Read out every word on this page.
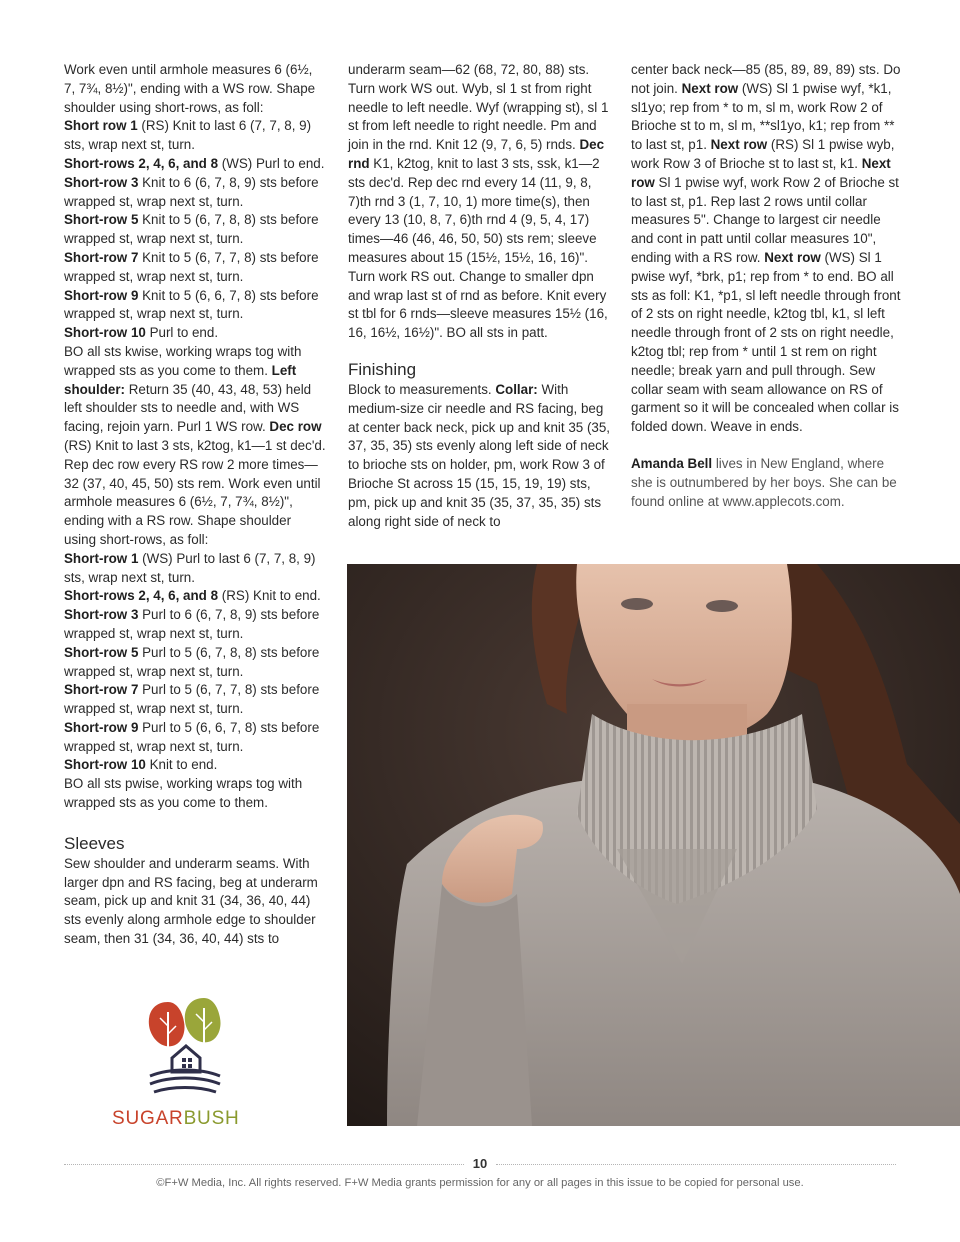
Work even until armhole measures 6 (6½, 7, 7¾, 8½)", ending with a WS row. Shape shoulder using short-rows, as foll:

Short row 1 (RS) Knit to last 6 (7, 7, 8, 9) sts, wrap next st, turn.

Short-rows 2, 4, 6, and 8 (WS) Purl to end.

Short-row 3 Knit to 6 (6, 7, 8, 9) sts before wrapped st, wrap next st, turn.

Short-row 5 Knit to 5 (6, 7, 8, 8) sts before wrapped st, wrap next st, turn.

Short-row 7 Knit to 5 (6, 7, 7, 8) sts before wrapped st, wrap next st, turn.

Short-row 9 Knit to 5 (6, 6, 7, 8) sts before wrapped st, wrap next st, turn.

Short-row 10 Purl to end.

BO all sts kwise, working wraps tog with wrapped sts as you come to them. Left shoulder: Return 35 (40, 43, 48, 53) held left shoulder sts to needle and, with WS facing, rejoin yarn. Purl 1 WS row. Dec row (RS) Knit to last 3 sts, k2tog, k1—1 st dec'd. Rep dec row every RS row 2 more times—32 (37, 40, 45, 50) sts rem. Work even until armhole measures 6 (6½, 7, 7¾, 8½)", ending with a RS row. Shape shoulder using short-rows, as foll:

Short-row 1 (WS) Purl to last 6 (7, 7, 8, 9) sts, wrap next st, turn.

Short-rows 2, 4, 6, and 8 (RS) Knit to end.

Short-row 3 Purl to 6 (6, 7, 8, 9) sts before wrapped st, wrap next st, turn.

Short-row 5 Purl to 5 (6, 7, 8, 8) sts before wrapped st, wrap next st, turn.

Short-row 7 Purl to 5 (6, 7, 7, 8) sts before wrapped st, wrap next st, turn.

Short-row 9 Purl to 5 (6, 6, 7, 8) sts before wrapped st, wrap next st, turn.

Short-row 10 Knit to end.

BO all sts pwise, working wraps tog with wrapped sts as you come to them.

Sleeves

Sew shoulder and underarm seams. With larger dpn and RS facing, beg at underarm seam, pick up and knit 31 (34, 36, 40, 44) sts evenly along armhole edge to shoulder seam, then 31 (34, 36, 40, 44) sts to

underarm seam—62 (68, 72, 80, 88) sts. Turn work WS out. Wyb, sl 1 st from right needle to left needle. Wyf (wrapping st), sl 1 st from left needle to right needle. Pm and join in the rnd. Knit 12 (9, 7, 6, 5) rnds. Dec rnd K1, k2tog, knit to last 3 sts, ssk, k1—2 sts dec'd. Rep dec rnd every 14 (11, 9, 8, 7)th rnd 3 (1, 7, 10, 1) more time(s), then every 13 (10, 8, 7, 6)th rnd 4 (9, 5, 4, 17) times—46 (46, 46, 50, 50) sts rem; sleeve measures about 15 (15½, 15½, 16, 16)". Turn work RS out. Change to smaller dpn and wrap last st of rnd as before. Knit every st tbl for 6 rnds—sleeve measures 15½ (16, 16, 16½, 16½)". BO all sts in patt.

Finishing

Block to measurements. Collar: With medium-size cir needle and RS facing, beg at center back neck, pick up and knit 35 (35, 37, 35, 35) sts evenly along left side of neck to brioche sts on holder, pm, work Row 3 of Brioche St across 15 (15, 15, 19, 19) sts, pm, pick up and knit 35 (35, 37, 35, 35) sts along right side of neck to

center back neck—85 (85, 89, 89, 89) sts. Do not join. Next row (WS) Sl 1 pwise wyf, *k1, sl1yo; rep from * to m, sl m, work Row 2 of Brioche st to m, sl m, **sl1yo, k1; rep from ** to last st, p1. Next row (RS) Sl 1 pwise wyb, work Row 3 of Brioche st to last st, k1. Next row Sl 1 pwise wyf, work Row 2 of Brioche st to last st, p1. Rep last 2 rows until collar measures 5". Change to largest cir needle and cont in patt until collar measures 10", ending with a RS row. Next row (WS) Sl 1 pwise wyf, *brk, p1; rep from * to end. BO all sts as foll: K1, *p1, sl left needle through front of 2 sts on right needle, k2tog tbl, k1, sl left needle through front of 2 sts on right needle, k2tog tbl; rep from * until 1 st rem on right needle; break yarn and pull through. Sew collar seam with seam allowance on RS of garment so it will be concealed when collar is folded down. Weave in ends.

Amanda Bell lives in New England, where she is outnumbered by her boys. She can be found online at www.applecots.com.

SUGARBUSH
10
©F+W Media, Inc. All rights reserved. F+W Media grants permission for any or all pages in this issue to be copied for personal use.
